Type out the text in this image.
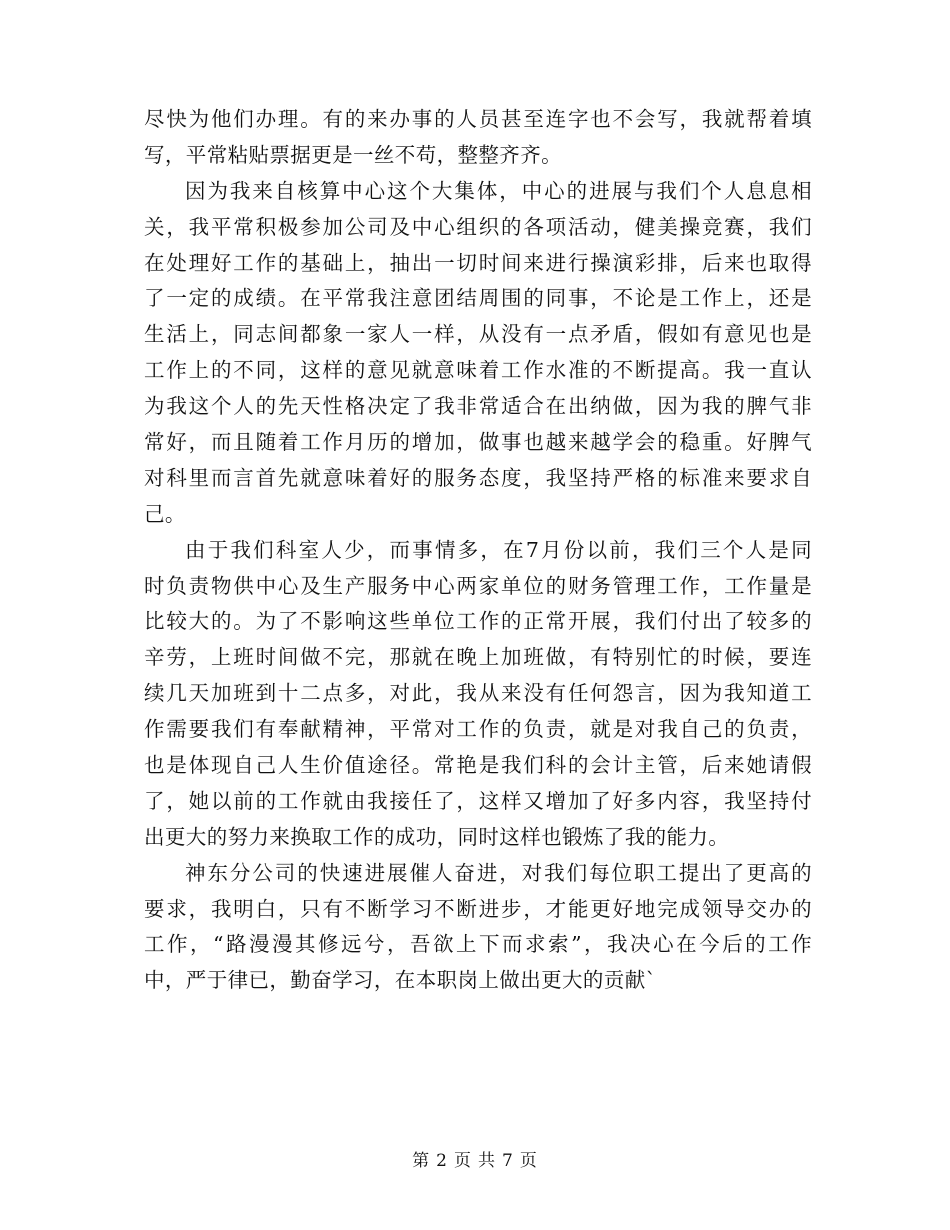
尽快为他们办理。有的来办事的人员甚至连字也不会写，我就帮着填
写，平常粘贴票据更是一丝不苟，整整齐齐。
因为我来自核算中心这个大集体，中心的进展与我们个人息息相
关，我平常积极参加公司及中心组织的各项活动，健美操竞赛，我们
在处理好工作的基础上，抽出一切时间来进行操演彩排，后来也取得
了一定的成绩。在平常我注意团结周围的同事，不论是工作上，还是
生活上，同志间都象一家人一样，从没有一点矛盾，假如有意见也是
工作上的不同，这样的意见就意味着工作水准的不断提高。我一直认
为我这个人的先天性格决定了我非常适合在出纳做，因为我的脾气非
常好，而且随着工作月历的增加，做事也越来越学会的稳重。好脾气
对科里而言首先就意味着好的服务态度，我坚持严格的标准来要求自
己。
由于我们科室人少，而事情多，在7月份以前，我们三个人是同
时负责物供中心及生产服务中心两家单位的财务管理工作，工作量是
比较大的。为了不影响这些单位工作的正常开展，我们付出了较多的
辛劳，上班时间做不完，那就在晚上加班做，有特别忙的时候，要连
续几天加班到十二点多，对此，我从来没有任何怨言，因为我知道工
作需要我们有奉献精神，平常对工作的负责，就是对我自己的负责，
也是体现自己人生价值途径。常艳是我们科的会计主管，后来她请假
了，她以前的工作就由我接任了，这样又增加了好多内容，我坚持付
出更大的努力来换取工作的成功，同时这样也锻炼了我的能力。
神东分公司的快速进展催人奋进，对我们每位职工提出了更高的
要求，我明白，只有不断学习不断进步，才能更好地完成领导交办的
工作，“路漫漫其修远兮，吾欲上下而求索”，我决心在今后的工作
中，严于律已，勤奋学习，在本职岗上做出更大的贡献`
第 2 页 共 7 页
